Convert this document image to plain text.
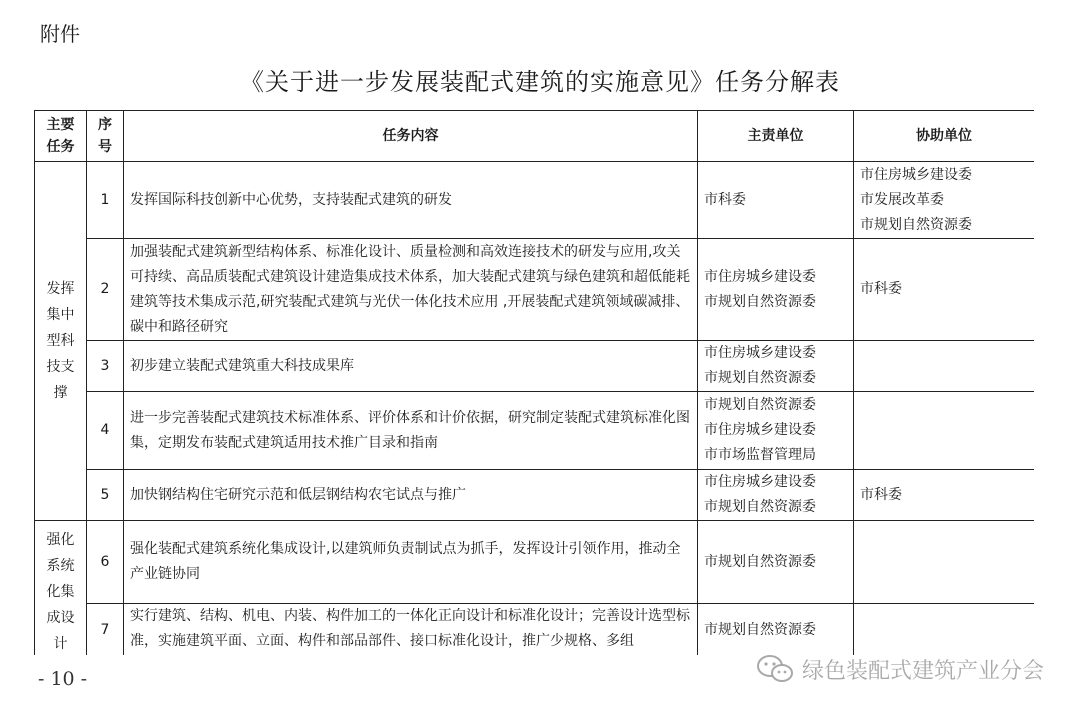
附件
《关于进一步发展装配式建筑的实施意见》任务分解表
主要任务	序号	任务内容	主责单位	协助单位

发挥集中型科技支撑	1	发挥国际科技创新中心优势，支持装配式建筑的研发	市科委	市住房城乡建设委
市发展改革委
市规划自然资源委

	2	加强装配式建筑新型结构体系、标准化设计、质量检测和高效连接技术的研发与应用,攻关可持续、高品质装配式建筑设计建造集成技术体系，加大装配式建筑与绿色建筑和超低能耗建筑等技术集成示范,研究装配式建筑与光伏一体化技术应用 ,开展装配式建筑领域碳减排、碳中和路径研究	市住房城乡建设委
市规划自然资源委	市科委

	3	初步建立装配式建筑重大科技成果库	市住房城乡建设委
市规划自然资源委	

	4	进一步完善装配式建筑技术标准体系、评价体系和计价依据，研究制定装配式建筑标准化图集，定期发布装配式建筑适用技术推广目录和指南	市规划自然资源委
市住房城乡建设委
市市场监督管理局	

	5	加快钢结构住宅研究示范和低层钢结构农宅试点与推广	市住房城乡建设委
市规划自然资源委	市科委

强化系统化集成设计	6	强化装配式建筑系统化集成设计,以建筑师负责制试点为抓手，发挥设计引领作用，推动全产业链协同	市规划自然资源委	

	7	实行建筑、结构、机电、内装、构件加工的一体化正向设计和标准化设计；完善设计选型标准，实施建筑平面、立面、构件和部品部件、接口标准化设计，推广少规格、多组	市规划自然资源委	

- 10 -	绿色装配式建筑产业分会
